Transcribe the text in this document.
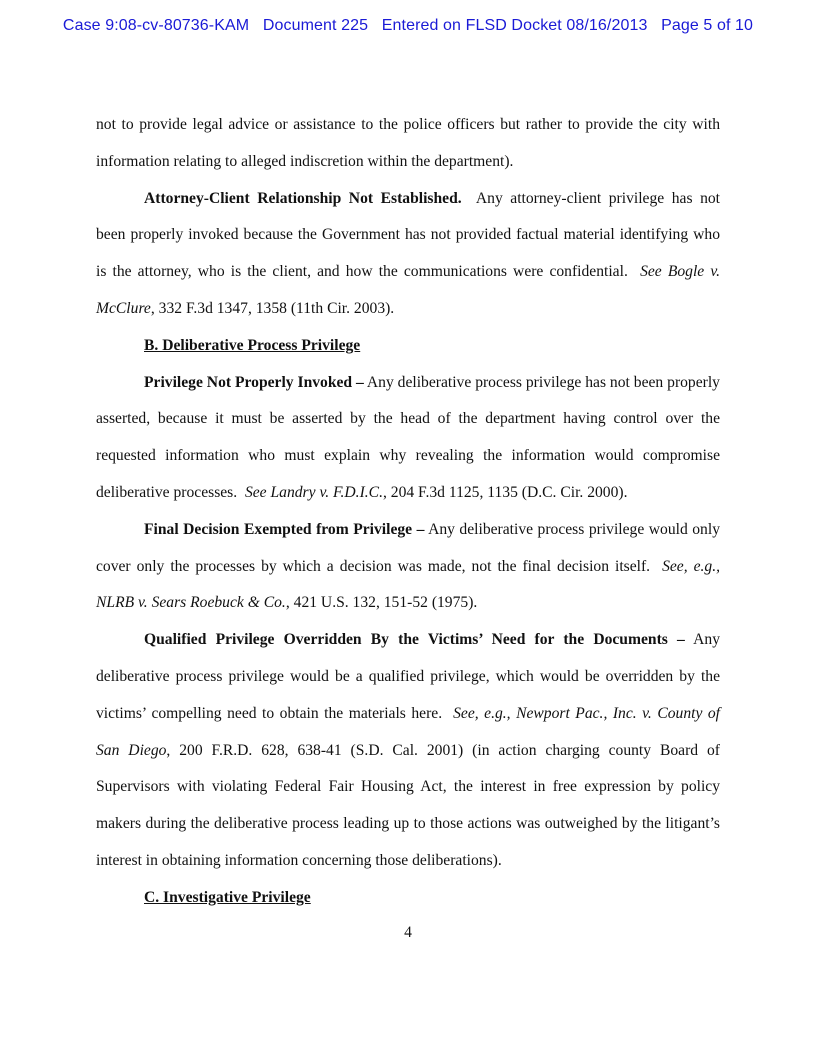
Case 9:08-cv-80736-KAM Document 225 Entered on FLSD Docket 08/16/2013 Page 5 of 10

not to provide legal advice or assistance to the police officers but rather to provide the city with information relating to alleged indiscretion within the department).

Attorney-Client Relationship Not Established. Any attorney-client privilege has not been properly invoked because the Government has not provided factual material identifying who is the attorney, who is the client, and how the communications were confidential. See Bogle v. McClure, 332 F.3d 1347, 1358 (11th Cir. 2003).

B. Deliberative Process Privilege

Privilege Not Properly Invoked – Any deliberative process privilege has not been properly asserted, because it must be asserted by the head of the department having control over the requested information who must explain why revealing the information would compromise deliberative processes. See Landry v. F.D.I.C., 204 F.3d 1125, 1135 (D.C. Cir. 2000).

Final Decision Exempted from Privilege – Any deliberative process privilege would only cover only the processes by which a decision was made, not the final decision itself. See, e.g., NLRB v. Sears Roebuck & Co., 421 U.S. 132, 151-52 (1975).

Qualified Privilege Overridden By the Victims’ Need for the Documents – Any deliberative process privilege would be a qualified privilege, which would be overridden by the victims’ compelling need to obtain the materials here. See, e.g., Newport Pac., Inc. v. County of San Diego, 200 F.R.D. 628, 638-41 (S.D. Cal. 2001) (in action charging county Board of Supervisors with violating Federal Fair Housing Act, the interest in free expression by policy makers during the deliberative process leading up to those actions was outweighed by the litigant’s interest in obtaining information concerning those deliberations).

C. Investigative Privilege

4
